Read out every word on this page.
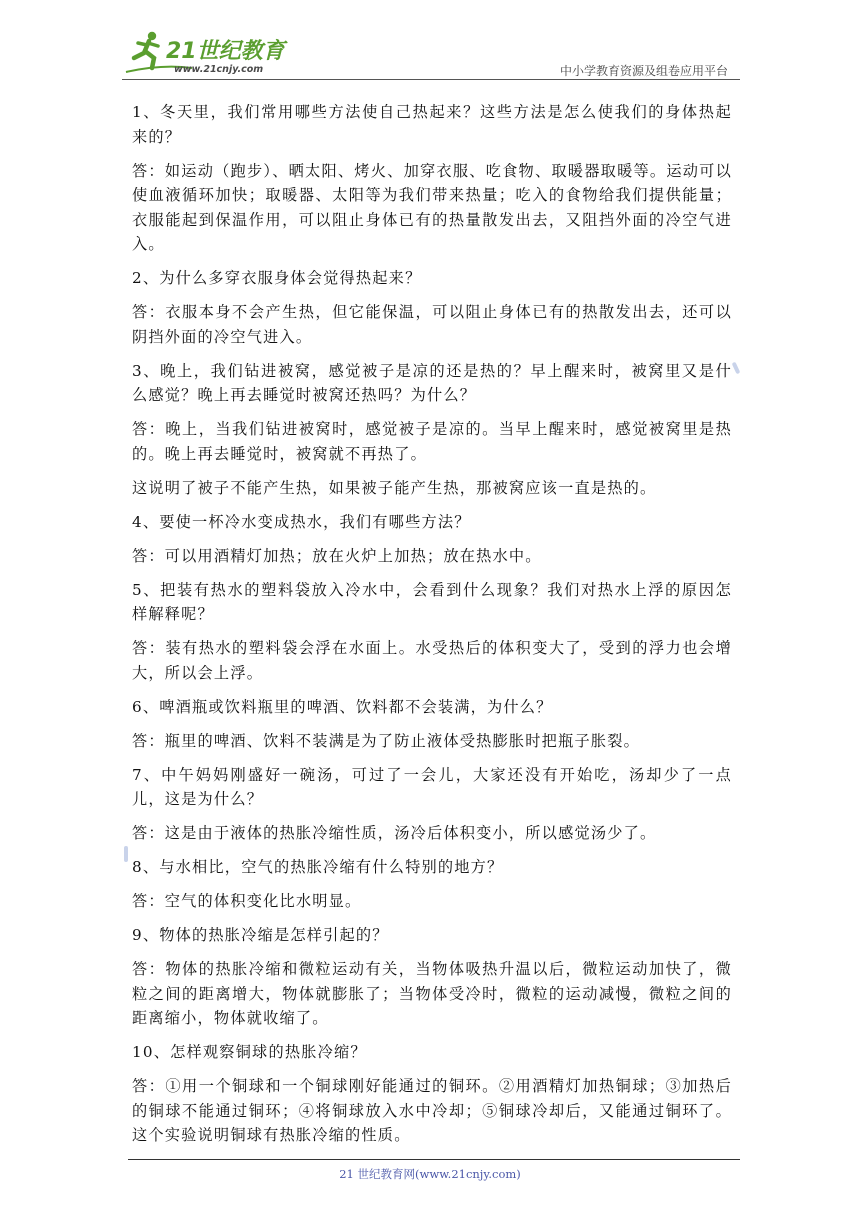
21世纪教育
www.21cnjy.com	中小学教育资源及组卷应用平台

1、冬天里，我们常用哪些方法使自己热起来？这些方法是怎么使我们的身体热起来的？

答：如运动（跑步）、晒太阳、烤火、加穿衣服、吃食物、取暖器取暖等。运动可以使血液循环加快；取暖器、太阳等为我们带来热量；吃入的食物给我们提供能量；衣服能起到保温作用，可以阻止身体已有的热量散发出去，又阻挡外面的冷空气进入。

2、为什么多穿衣服身体会觉得热起来？

答：衣服本身不会产生热，但它能保温，可以阻止身体已有的热散发出去，还可以阴挡外面的冷空气进入。

3、晚上，我们钻进被窝，感觉被子是凉的还是热的？早上醒来时，被窝里又是什么感觉？晚上再去睡觉时被窝还热吗？为什么？

答：晚上，当我们钻进被窝时，感觉被子是凉的。当早上醒来时，感觉被窝里是热的。晚上再去睡觉时，被窝就不再热了。

这说明了被子不能产生热，如果被子能产生热，那被窝应该一直是热的。

4、要使一杯冷水变成热水，我们有哪些方法？

答：可以用酒精灯加热；放在火炉上加热；放在热水中。

5、把装有热水的塑料袋放入冷水中，会看到什么现象？我们对热水上浮的原因怎样解释呢？

答：装有热水的塑料袋会浮在水面上。水受热后的体积变大了，受到的浮力也会增大，所以会上浮。

6、啤酒瓶或饮料瓶里的啤酒、饮料都不会装满，为什么？

答：瓶里的啤酒、饮料不装满是为了防止液体受热膨胀时把瓶子胀裂。

7、中午妈妈刚盛好一碗汤，可过了一会儿，大家还没有开始吃，汤却少了一点儿，这是为什么？

答：这是由于液体的热胀冷缩性质，汤冷后体积变小，所以感觉汤少了。

8、与水相比，空气的热胀冷缩有什么特别的地方？

答：空气的体积变化比水明显。

9、物体的热胀冷缩是怎样引起的？

答：物体的热胀冷缩和微粒运动有关，当物体吸热升温以后，微粒运动加快了，微粒之间的距离增大，物体就膨胀了；当物体受冷时，微粒的运动减慢，微粒之间的距离缩小，物体就收缩了。

10、怎样观察铜球的热胀冷缩？

答：①用一个铜球和一个铜球刚好能通过的铜环。②用酒精灯加热铜球；③加热后的铜球不能通过铜环；④将铜球放入水中冷却；⑤铜球冷却后，又能通过铜环了。这个实验说明铜球有热胀冷缩的性质。

21 世纪教育网(www.21cnjy.com)
